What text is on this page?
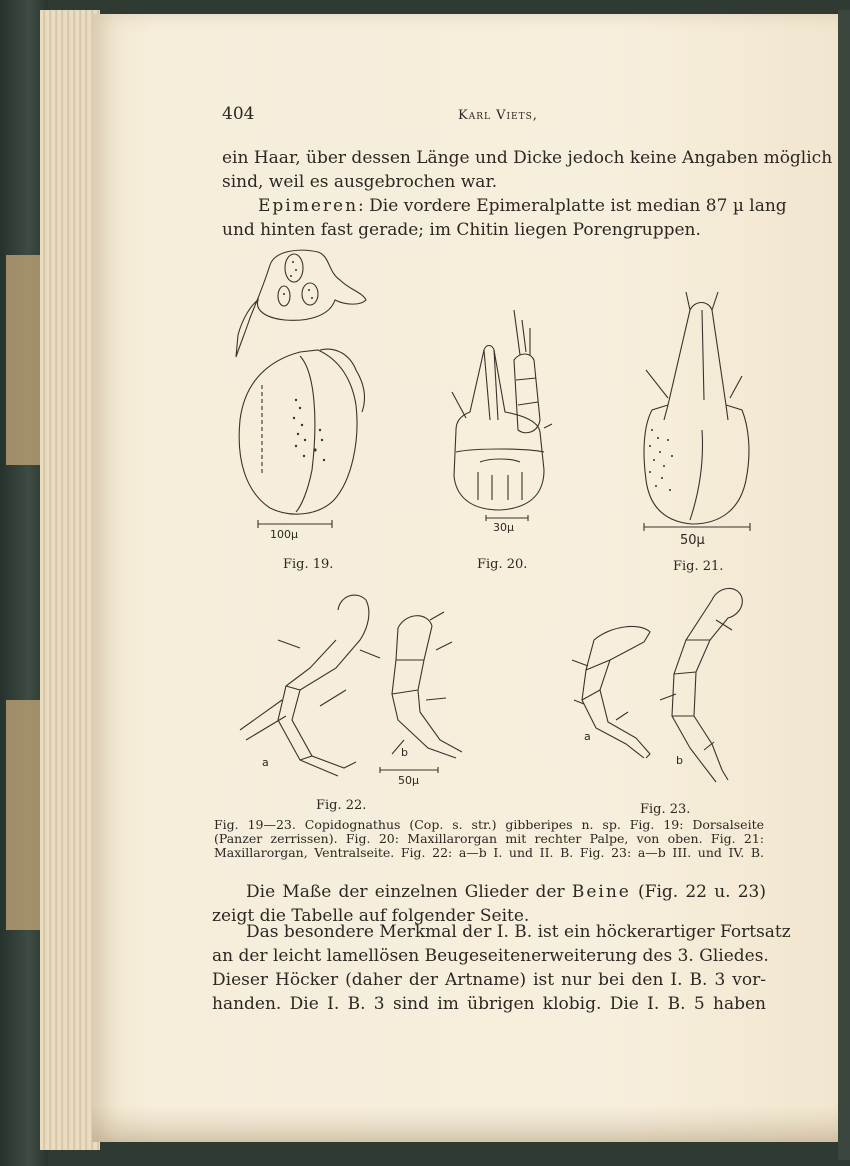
404	Karl Viets,
ein Haar, über dessen Länge und Dicke jedoch keine Angaben möglich
sind, weil es ausgebrochen war.
Epimeren: Die vordere Epimeralplatte ist median 87 µ lang
und hinten fast gerade; im Chitin liegen Porengruppen.
100µ
30µ
50µ
50µ
Fig. 19.	Fig. 20.	Fig. 21.
a
b
a
b
Fig. 22.	Fig. 23.
Fig. 19—23. Copidognathus (Cop. s. str.) gibberipes n. sp. Fig. 19: Dorsalseite
(Panzer zerrissen). Fig. 20: Maxillarorgan mit rechter Palpe, von oben. Fig. 21:
Maxillarorgan, Ventralseite. Fig. 22: a—b I. und II. B. Fig. 23: a—b III. und IV. B.
Die Maße der einzelnen Glieder der Beine (Fig. 22 u. 23)
zeigt die Tabelle auf folgender Seite.
Das besondere Merkmal der I. B. ist ein höckerartiger Fortsatz
an der leicht lamellösen Beugeseitenerweiterung des 3. Gliedes.
Dieser Höcker (daher der Artname) ist nur bei den I. B. 3 vor-
handen. Die I. B. 3 sind im übrigen klobig. Die I. B. 5 haben
